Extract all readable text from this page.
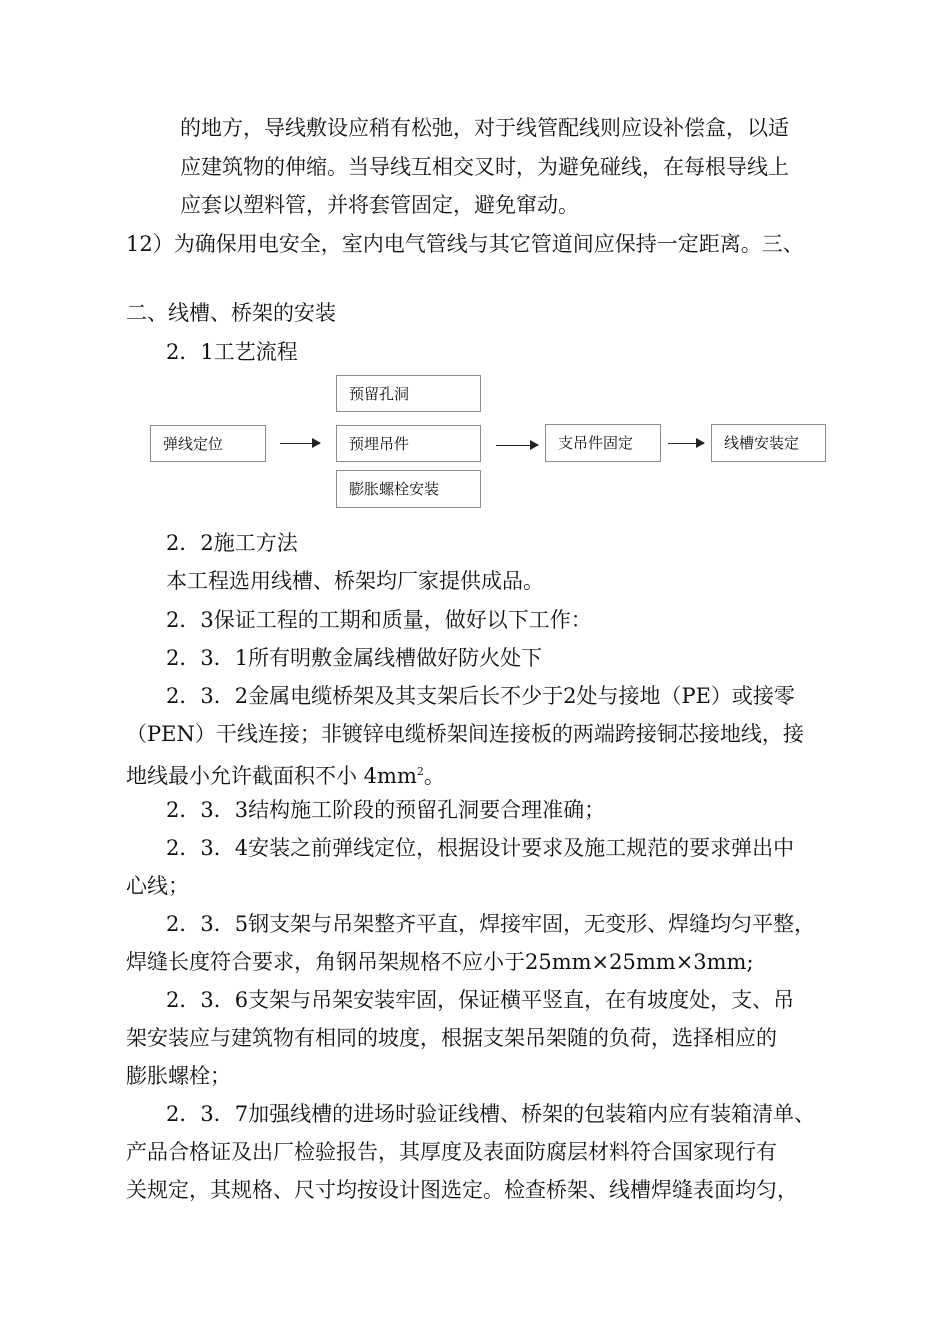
的地方，导线敷设应稍有松弛，对于线管配线则应设补偿盒，以适
应建筑物的伸缩。当导线互相交叉时，为避免碰线，在每根导线上
应套以塑料管，并将套管固定，避免窜动。
12）为确保用电安全，室内电气管线与其它管道间应保持一定距离。三、
二、线槽、桥架的安装
2．1工艺流程
预留孔洞
弹线定位	预埋吊件	支吊件固定	线槽安装定
膨胀螺栓安装
2．2施工方法
本工程选用线槽、桥架均厂家提供成品。
2．3保证工程的工期和质量，做好以下工作：
2．3．1所有明敷金属线槽做好防火处下
2．3．2金属电缆桥架及其支架后长不少于2处与接地（PE）或接零
（PEN）干线连接；非镀锌电缆桥架间连接板的两端跨接铜芯接地线，接
地线最小允许截面积不小 $4mm^2$。
2．3．3结构施工阶段的预留孔洞要合理准确；
2．3．4安装之前弹线定位，根据设计要求及施工规范的要求弹出中
心线；
2．3．5钢支架与吊架整齐平直，焊接牢固，无变形、焊缝均匀平整，
焊缝长度符合要求，角钢吊架规格不应小于25mm×25mm×3mm;
2．3．6支架与吊架安装牢固，保证横平竖直，在有坡度处，支、吊
架安装应与建筑物有相同的坡度，根据支架吊架随的负荷，选择相应的
膨胀螺栓；
2．3．7加强线槽的进场时验证线槽、桥架的包装箱内应有装箱清单、
产品合格证及出厂检验报告，其厚度及表面防腐层材料符合国家现行有
关规定，其规格、尺寸均按设计图选定。检查桥架、线槽焊缝表面均匀，
